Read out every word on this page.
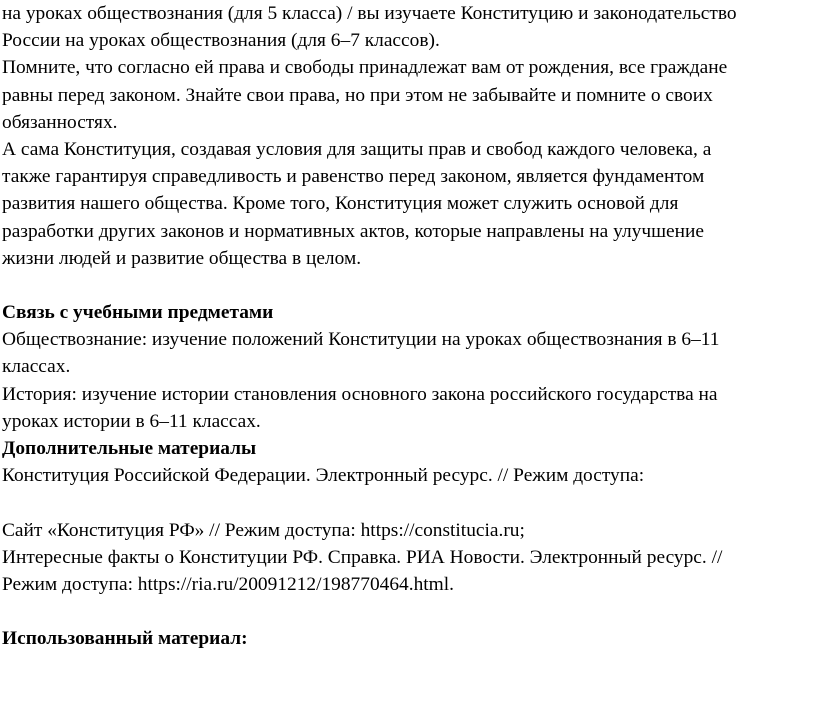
на уроках обществознания (для 5 класса) / вы изучаете Конституцию и законодательство
России на уроках обществознания (для 6–7 классов).
Помните, что согласно ей права и свободы принадлежат вам от рождения, все граждане
равны перед законом. Знайте свои права, но при этом не забывайте и помните о своих
обязанностях.
А сама Конституция, создавая условия для защиты прав и свобод каждого человека, а
также гарантируя справедливость и равенство перед законом, является фундаментом
развития нашего общества. Кроме того, Конституция может служить основой для
разработки других законов и нормативных актов, которые направлены на улучшение
жизни людей и развитие общества в целом.
Связь с учебными предметами
Обществознание: изучение положений Конституции на уроках обществознания в 6–11
классах.
История: изучение истории становления основного закона российского государства на
уроках истории в 6–11 классах.
Дополнительные материалы
Конституция Российской Федерации. Электронный ресурс. // Режим доступа:
Сайт «Конституция РФ» // Режим доступа: https://constitucia.ru;
Интересные факты о Конституции РФ. Справка. РИА Новости. Электронный ресурс. //
Режим доступа: https://ria.ru/20091212/198770464.html.
Использованный материал:
